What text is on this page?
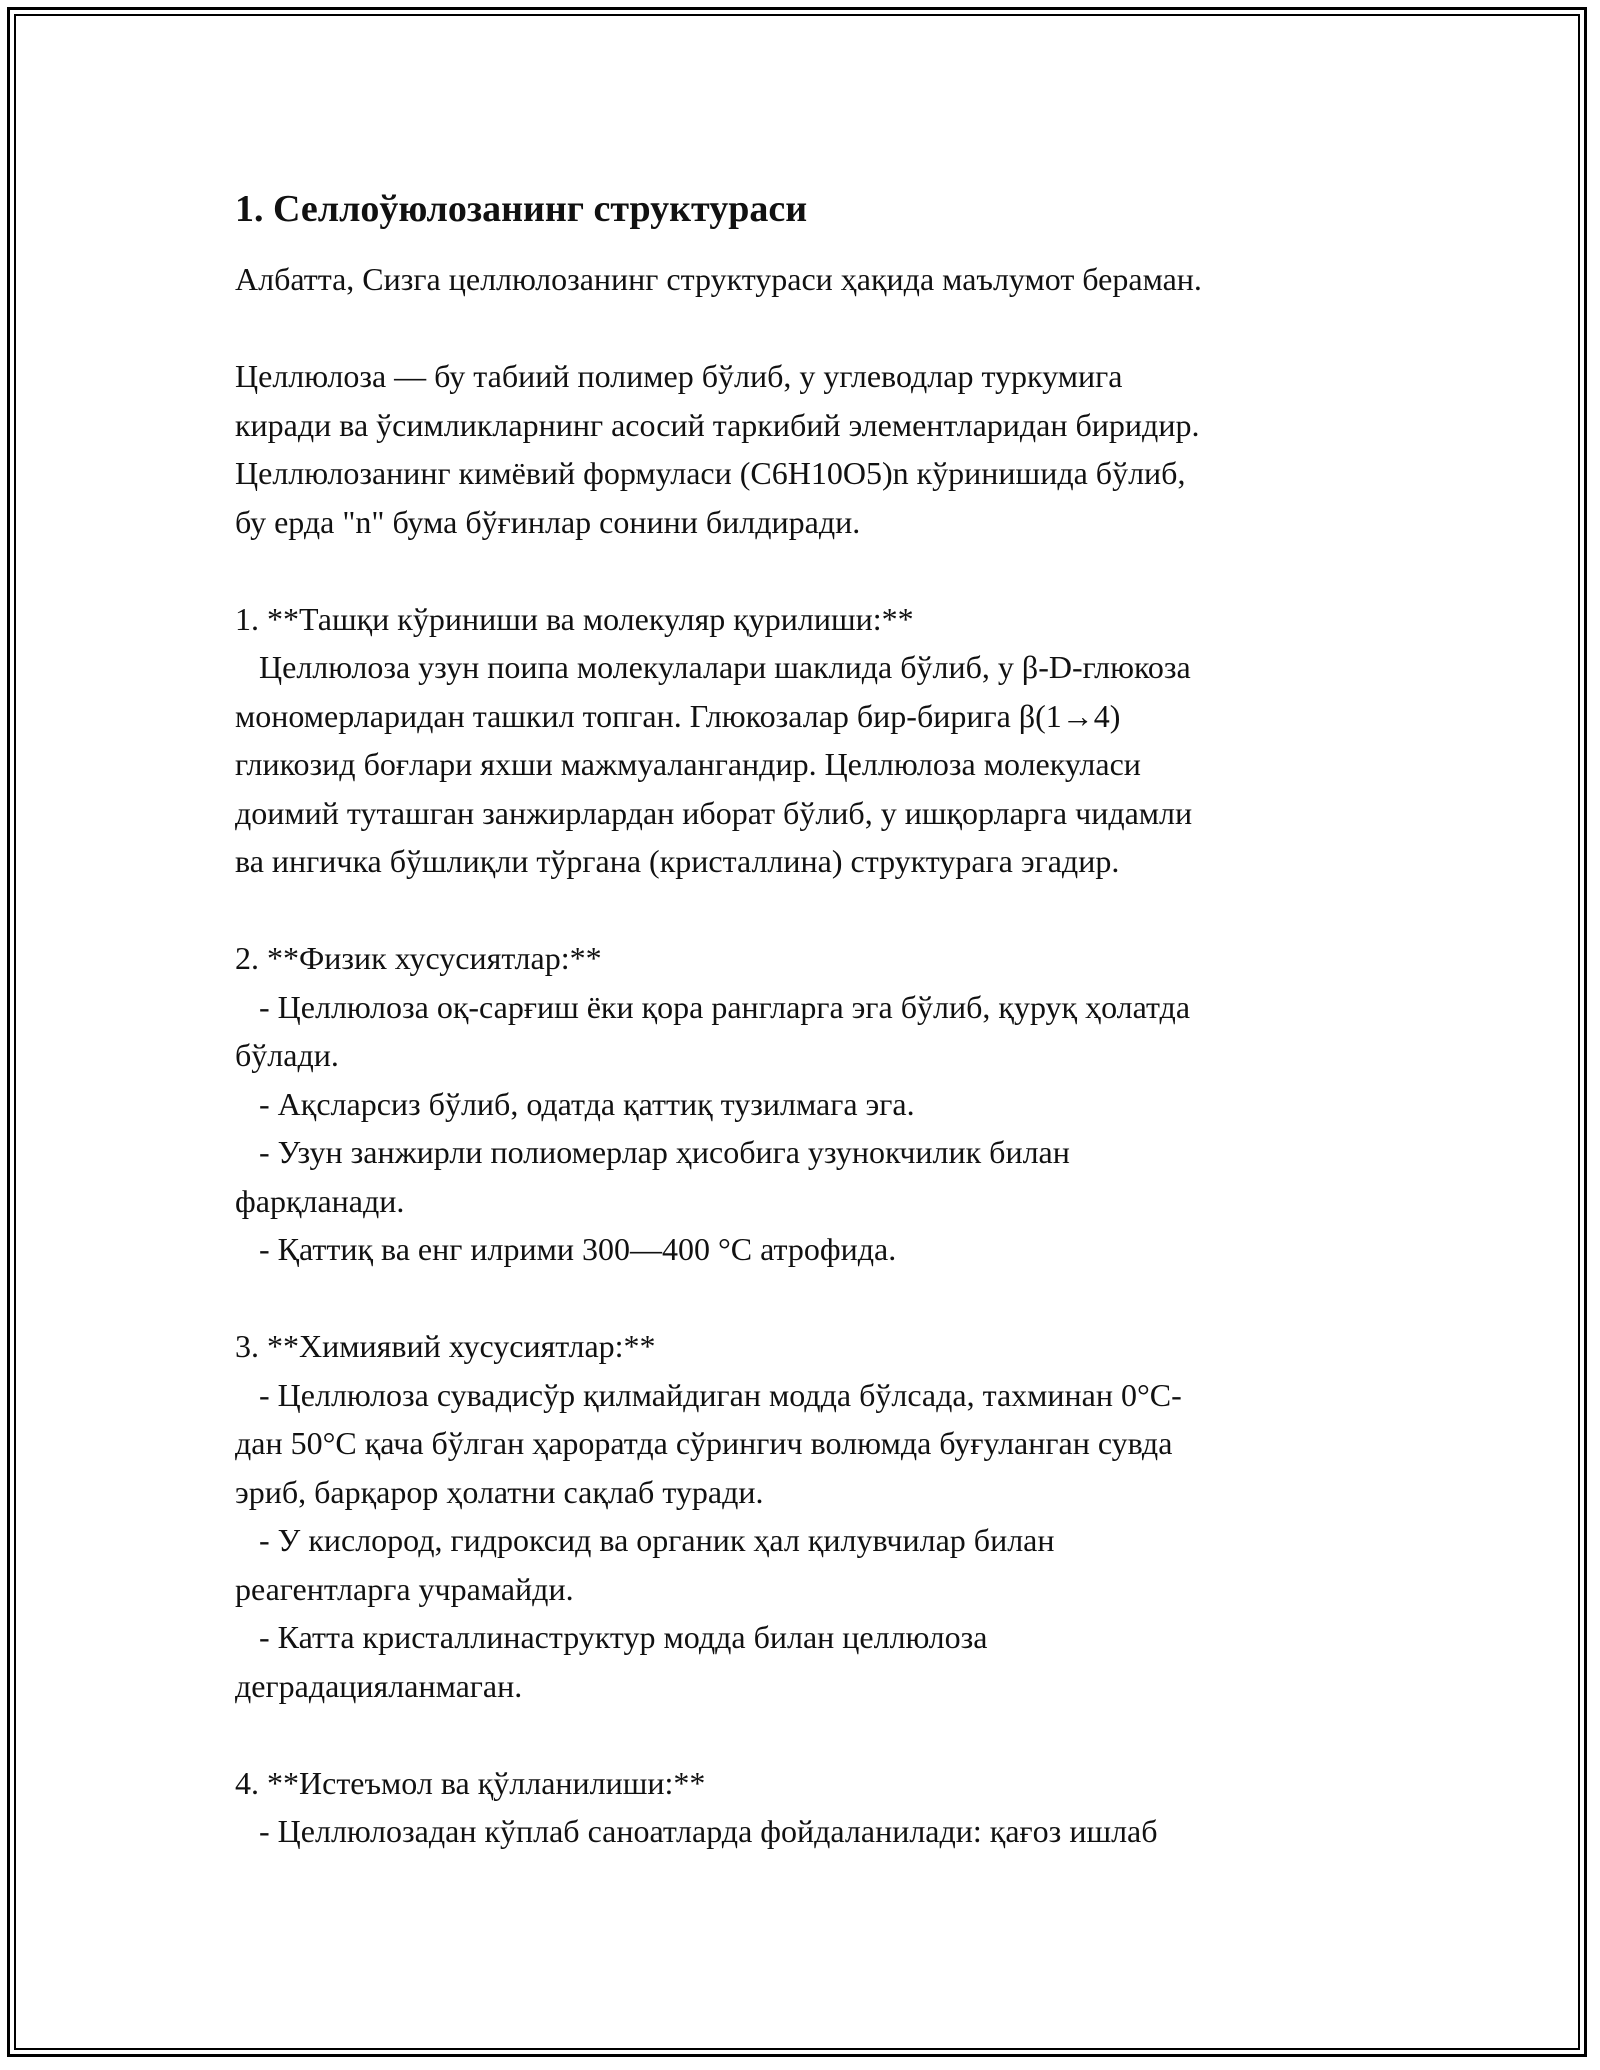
1. Селлоўюлозанинг структураси
Албатта, Сизга целлюлозанинг структураси ҳақида маълумот бераман.
Целлюлоза — бу табиий полимер бўлиб, у углеводлар туркумига
киради ва ўсимликларнинг асосий таркибий элементларидан биридир.
Целлюлозанинг кимёвий формуласи (C6H10O5)n кўринишида бўлиб,
бу ерда "n" бума бўғинлар сонини билдиради.
1. **Ташқи кўриниши ва молекуляр қурилиши:**
Целлюлоза узун поипа молекулалари шаклида бўлиб, у β-D-глюкоза
мономерларидан ташкил топган. Глюкозалар бир-бирига β(1→4)
гликозид боғлари яхши мажмуалангандир. Целлюлоза молекуласи
доимий туташган занжирлардан иборат бўлиб, у ишқорларга чидамли
ва ингичка бўшлиқли тўргана (кристаллина) структурага эгадир.
2. **Физик хусусиятлар:**
- Целлюлоза оқ-сарғиш ёки қора рангларга эга бўлиб, қуруқ ҳолатда
бўлади.
- Ақсларсиз бўлиб, одатда қаттиқ тузилмага эга.
- Узун занжирли полиомерлар ҳисобига узунокчилик билан
фарқланади.
- Қаттиқ ва енг илрими 300—400 °C атрофида.
3. **Химиявий хусусиятлар:**
- Целлюлоза сувадисўр қилмайдиган модда бўлсада, тахминан 0°C-
дан 50°C қача бўлган ҳароратда сўрингич волюмда буғуланган сувда
эриб, барқарор ҳолатни сақлаб туради.
- У кислород, гидроксид ва органик ҳал қилувчилар билан
реагентларга учрамайди.
- Катта кристаллинаструктур модда билан целлюлоза
деградацияланмаган.
4. **Истеъмол ва қўлланилиши:**
- Целлюлозадан кўплаб саноатларда фойдаланилади: қағоз ишлаб
